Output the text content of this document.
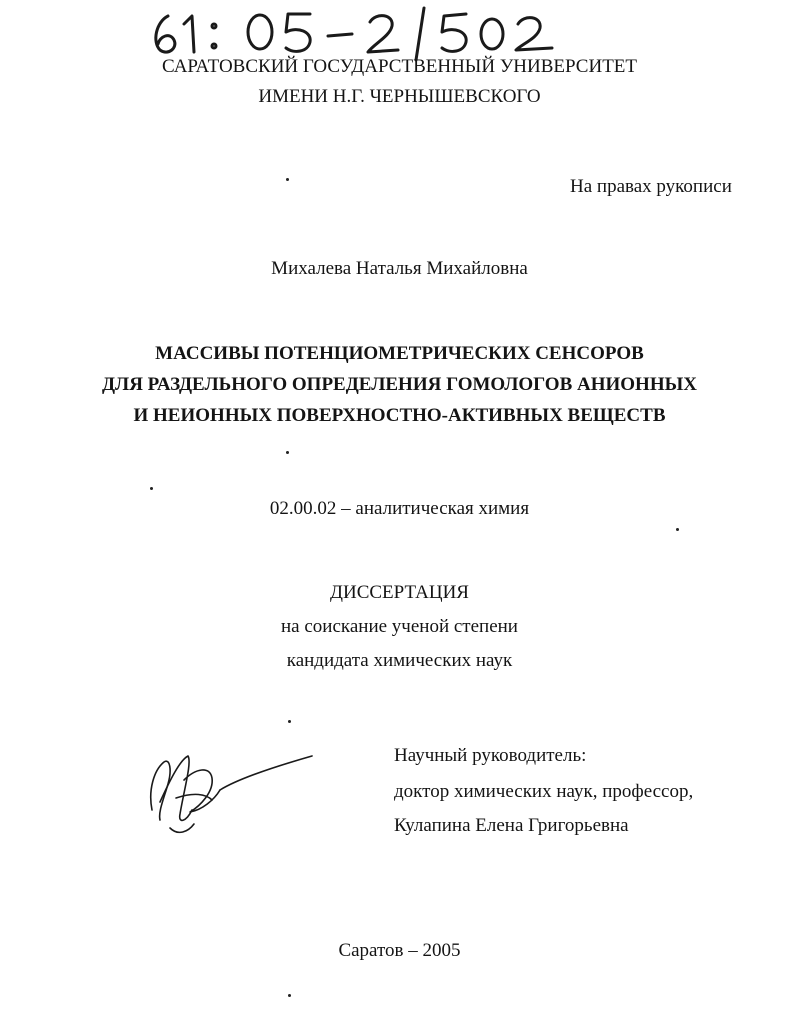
САРАТОВСКИЙ ГОСУДАРСТВЕННЫЙ УНИВЕРСИТЕТ
ИМЕНИ Н.Г. ЧЕРНЫШЕВСКОГО
На правах рукописи
Михалева Наталья Михайловна
МАССИВЫ ПОТЕНЦИОМЕТРИЧЕСКИХ СЕНСОРОВ
ДЛЯ РАЗДЕЛЬНОГО ОПРЕДЕЛЕНИЯ ГОМОЛОГОВ АНИОННЫХ
И НЕИОННЫХ ПОВЕРХНОСТНО-АКТИВНЫХ ВЕЩЕСТВ
02.00.02 – аналитическая химия
ДИССЕРТАЦИЯ
на соискание ученой степени
кандидата химических наук
Научный руководитель:
доктор химических наук, профессор,
Кулапина Елена Григорьевна
Саратов – 2005
